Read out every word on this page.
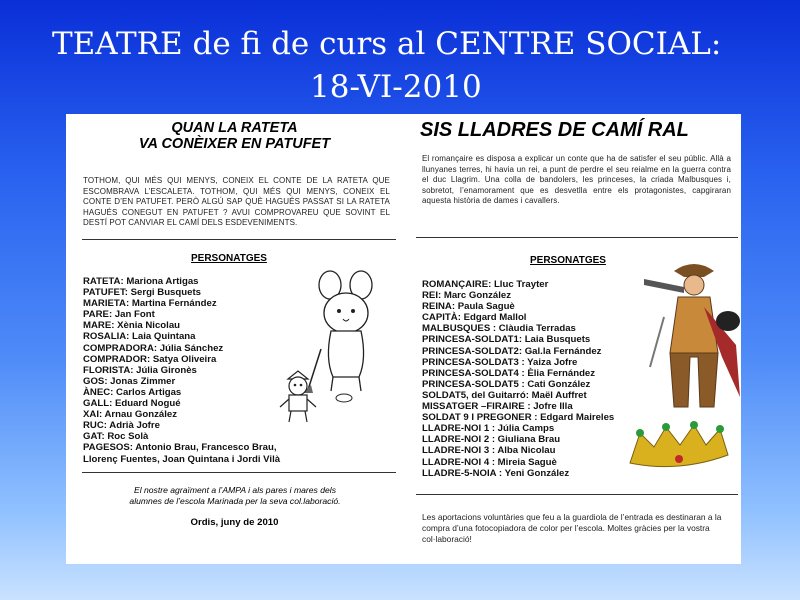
TEATRE de fi de curs al CENTRE SOCIAL:
18-VI-2010
QUAN LA RATETA
VA CONÈIXER EN PATUFET
TOTHOM, QUI MÉS QUI MENYS, CONEIX EL CONTE DE LA RATETA QUE ESCOMBRAVA L’ESCALETA. TOTHOM, QUI MÉS QUI MENYS, CONEIX EL CONTE D’EN PATUFET. PERÒ ALGÚ SAP QUÈ HAGUÉS PASSAT SI LA RATETA HAGUÉS CONEGUT EN PATUFET ? AVUI COMPROVAREU QUE SOVINT EL DESTÍ POT CANVIAR EL CAMÍ DELS ESDEVENIMENTS.
PERSONATGES
RATETA: Mariona Artigas
PATUFET: Sergi Busquets
MARIETA: Martina Fernández
PARE: Jan Font
MARE: Xènia Nicolau
ROSALIA: Laia Quintana
COMPRADORA: Júlia Sánchez
COMPRADOR: Satya Oliveira
FLORISTA: Júlia Gironès
GOS: Jonas Zimmer
ÀNEC: Carlos Artigas
GALL: Eduard Nogué
XAI: Arnau González
RUC: Adrià Jofre
GAT: Roc Solà
PAGESOS: Antonio Brau, Francesco Brau,
Llorenç Fuentes, Joan Quintana i Jordi Vilà
El nostre agraïment a l’AMPA i als pares i mares dels
alumnes de l’escola Marinada per la seva col.laboració.
Ordis, juny de 2010
SIS LLADRES DE CAMÍ RAL
El romançaire es disposa a explicar un conte que ha de satisfer el seu públic. Allà a llunyanes terres, hi havia un rei, a punt de perdre el seu reialme en la guerra contra el duc Llagrim. Una colla de bandolers, les princeses, la criada Malbusques i, sobretot, l’enamorament que es desvetlla entre els protagonistes, capgiraran aquesta història de dames i cavallers.
PERSONATGES
ROMANÇAIRE: Lluc Trayter
REI: Marc González
REINA: Paula Saguè
CAPITÀ: Edgard Mallol
MALBUSQUES : Clàudia Terradas
PRINCESA-SOLDAT1: Laia Busquets
PRINCESA-SOLDAT2: Gal.la Fernández
PRINCESA-SOLDAT3 : Yaiza Jofre
PRINCESA-SOLDAT4 : Èlia Fernández
PRINCESA-SOLDAT5 : Cati González
SOLDAT5, del Guitarró: Maël Auffret
MISSATGER –FIRAIRE : Jofre Illa
SOLDAT 9 I PREGONER : Edgard Maireles
LLADRE-NOI 1 : Júlia Camps
LLADRE-NOI 2 : Giuliana Brau
LLADRE-NOI 3 : Alba Nicolau
LLADRE-NOI 4 : Mireia Saguè
LLADRE-5-NOIA : Yeni González
Les aportacions voluntàries que feu a la guardiola de l’entrada es destinaran a la compra d’una fotocopiadora de color per l’escola. Moltes gràcies per la vostra col·laboració!
